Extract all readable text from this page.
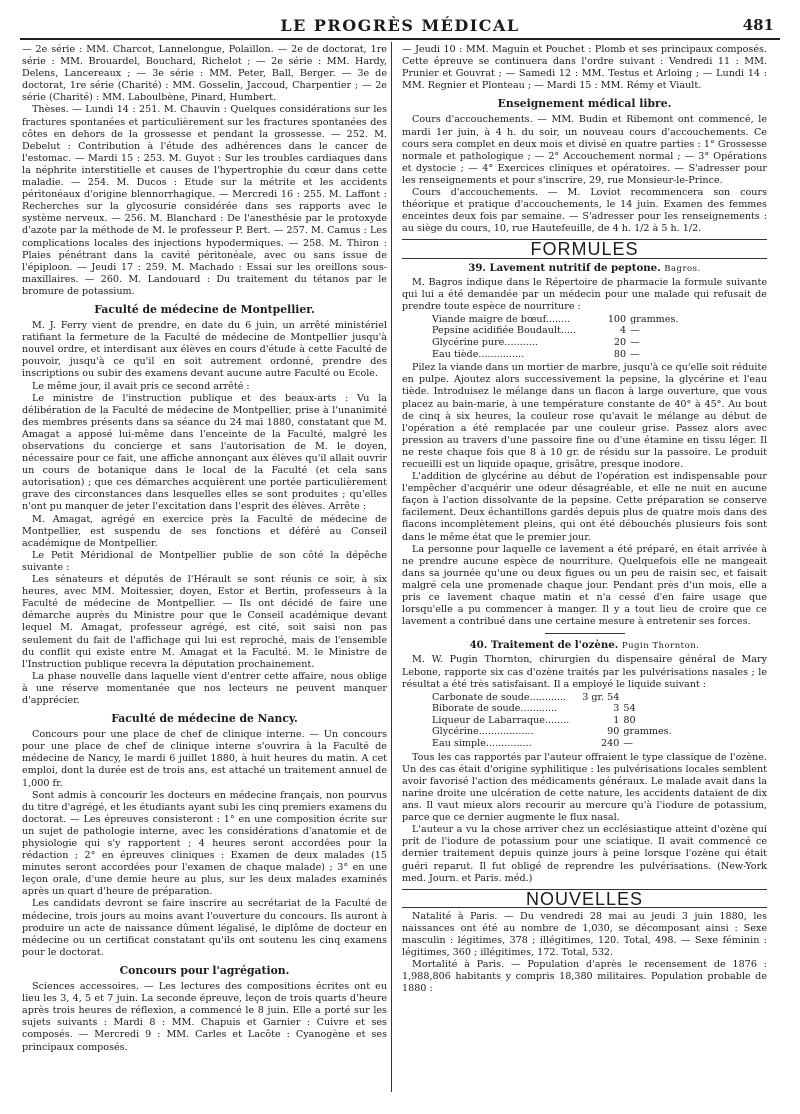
LE PROGRÈS MÉDICAL	481

— 2e série : MM. Charcot, Lannelongue, Polaillon. — 2e de doctorat, 1re série : MM. Brouardel, Bouchard, Richelot ; — 2e série : MM. Hardy, Delens, Lancereaux ; — 3e série : MM. Peter, Ball, Berger. — 3e de doctorat, 1re série (Charité) : MM. Gosselin, Jaccoud, Charpentier ; — 2e série (Charité) : MM. Laboulbène, Pinard, Humbert.

Thèses. — Lundi 14 : 251. M. Chauvin : Quelques considérations sur les fractures spontanées et particulièrement sur les fractures spontanées des côtes en dehors de la grossesse et pendant la grossesse. — 252. M. Debelut : Contribution à l'étude des adhérences dans le cancer de l'estomac. — Mardi 15 : 253. M. Guyot : Sur les troubles cardiaques dans la néphrite interstitielle et causes de l'hypertrophie du cœur dans cette maladie. — 254. M. Ducos : Etude sur la métrite et les accidents péritonéaux d'origine blennorrhagique. — Mercredi 16 : 255. M. Laffont : Recherches sur la glycosurie considérée dans ses rapports avec le système nerveux. — 256. M. Blanchard : De l'anesthésie par le protoxyde d'azote par la méthode de M. le professeur P. Bert. — 257. M. Camus : Les complications locales des injections hypodermiques. — 258. M. Thiron : Plaies pénétrant dans la cavité péritonéale, avec ou sans issue de l'épiploon. — Jeudi 17 : 259. M. Machado : Essai sur les oreillons sous-maxillaires. — 260. M. Landouard : Du traitement du tétanos par le bromure de potassium.

Faculté de médecine de Montpellier.

M. J. Ferry vient de prendre, en date du 6 juin, un arrêté ministériel ratifiant la fermeture de la Faculté de médecine de Montpellier jusqu'à nouvel ordre, et interdisant aux élèves en cours d'étude à cette Faculté de pouvoir, jusqu'à ce qu'il en soit autrement ordonné, prendre des inscriptions ou subir des examens devant aucune autre Faculté ou Ecole.

Le même jour, il avait pris ce second arrêté :

Le ministre de l'instruction publique et des beaux-arts : Vu la délibération de la Faculté de médecine de Montpellier, prise à l'unanimité des membres présents dans sa séance du 24 mai 1880, constatant que M. Amagat a apposé lui-même dans l'enceinte de la Faculté, malgré les observations du concierge et sans l'autorisation de M. le doyen, nécessaire pour ce fait, une affiche annonçant aux élèves qu'il allait ouvrir un cours de botanique dans le local de la Faculté (et cela sans autorisation) ; que ces démarches acquièrent une portée particulièrement grave des circonstances dans lesquelles elles se sont produites ; qu'elles n'ont pu manquer de jeter l'excitation dans l'esprit des élèves. Arrête :

M. Amagat, agrégé en exercice près la Faculté de médecine de Montpellier, est suspendu de ses fonctions et déféré au Conseil académique de Montpellier.

Le Petit Méridional de Montpellier publie de son côté la dépêche suivante :

Les sénateurs et députés de l'Hérault se sont réunis ce soir, à six heures, avec MM. Moitessier, doyen, Estor et Bertin, professeurs à la Faculté de médecine de Montpellier. — Ils ont décidé de faire une démarche auprès du Ministre pour que le Conseil académique devant lequel M. Amagat, professeur agrégé, est cité, soit saisi non pas seulement du fait de l'affichage qui lui est reproché, mais de l'ensemble du conflit qui existe entre M. Amagat et la Faculté. M. le Ministre de l'Instruction publique recevra la députation prochainement.

La phase nouvelle dans laquelle vient d'entrer cette affaire, nous oblige à une réserve momentanée que nos lecteurs ne peuvent manquer d'apprécier.

Faculté de médecine de Nancy.

Concours pour une place de chef de clinique interne. — Un concours pour une place de chef de clinique interne s'ouvrira à la Faculté de médecine de Nancy, le mardi 6 juillet 1880, à huit heures du matin. A cet emploi, dont la durée est de trois ans, est attaché un traitement annuel de 1,000 fr.

Sont admis à concourir les docteurs en médecine français, non pourvus du titre d'agrégé, et les étudiants ayant subi les cinq premiers examens du doctorat. — Les épreuves consisteront : 1° en une composition écrite sur un sujet de pathologie interne, avec les considérations d'anatomie et de physiologie qui s'y rapportent ; 4 heures seront accordées pour la rédaction ; 2° en épreuves cliniques : Examen de deux malades (15 minutes seront accordées pour l'examen de chaque malade) ; 3° en une leçon orale, d'une demie heure au plus, sur les deux malades examinés après un quart d'heure de préparation.

Les candidats devront se faire inscrire au secrétariat de la Faculté de médecine, trois jours au moins avant l'ouverture du concours. Ils auront à produire un acte de naissance dûment légalisé, le diplôme de docteur en médecine ou un certificat constatant qu'ils ont soutenu les cinq examens pour le doctorat.

Concours pour l'agrégation.

Sciences accessoires. — Les lectures des compositions écrites ont eu lieu les 3, 4, 5 et 7 juin. La seconde épreuve, leçon de trois quarts d'heure après trois heures de réflexion, a commencé le 8 juin. Elle a porté sur les sujets suivants : Mardi 8 : MM. Chapuis et Garnier : Cuivre et ses composés. — Mercredi 9 : MM. Carles et Lacôte : Cyanogène et ses principaux composés.

— Jeudi 10 : MM. Maguin et Pouchet : Plomb et ses principaux composés. Cette épreuve se continuera dans l'ordre suivant : Vendredi 11 : MM. Prunier et Gouvrat ; — Samedi 12 : MM. Testus et Arloing ; — Lundi 14 : MM. Regnier et Plonteau ; — Mardi 15 : MM. Rémy et Viault.

Enseignement médical libre.

Cours d'accouchements. — MM. Budin et Ribemont ont commencé, le mardi 1er juin, à 4 h. du soir, un nouveau cours d'accouchements. Ce cours sera complet en deux mois et divisé en quatre parties : 1° Grossesse normale et pathologique ; — 2° Accouchement normal ; — 3° Opérations et dystocie ; — 4° Exercices cliniques et opératoires. — S'adresser pour les renseignements et pour s'inscrire, 29, rue Monsieur-le-Prince.

Cours d'accouchements. — M. Loviot recommencera son cours théorique et pratique d'accouchements, le 14 juin. Examen des femmes enceintes deux fois par semaine. — S'adresser pour les renseignements : au siège du cours, 10, rue Hautefeuille, de 4 h. 1/2 à 5 h. 1/2.

FORMULES
39. Lavement nutritif de peptone. Bagros.

M. Bagros indique dans le Répertoire de pharmacie la formule suivante qui lui a été demandée par un médecin pour une malade qui refusait de prendre toute espèce de nourriture :

Viande maigre de bœuf........	100	grammes.
Pepsine acidifiée Boudault.....	4	—
Glycérine pure...........	20	—
Eau tiède...............	80	—

Pilez la viande dans un mortier de marbre, jusqu'à ce qu'elle soit réduite en pulpe. Ajoutez alors successivement la pepsine, la glycérine et l'eau tiède. Introduisez le mélange dans un flacon à large ouverture, que vous placez au bain-marie, à une température constante de 40° à 45°. Au bout de cinq à six heures, la couleur rose qu'avait le mélange au début de l'opération a été remplacée par une couleur grise. Passez alors avec pression au travers d'une passoire fine ou d'une étamine en tissu léger. Il ne reste chaque fois que 8 à 10 gr. de résidu sur la passoire. Le produit recueilli est un liquide opaque, grisâtre, presque inodore.

L'addition de glycérine au début de l'opération est indispensable pour l'empêcher d'acquérir une odeur désagréable, et elle ne nuit en aucune façon à l'action dissolvante de la pepsine. Cette préparation se conserve facilement. Deux échantillons gardés depuis plus de quatre mois dans des flacons incomplètement pleins, qui ont été débouchés plusieurs fois sont dans le même état que le premier jour.

La personne pour laquelle ce lavement a été préparé, en était arrivée à ne prendre aucune espèce de nourriture. Quelquefois elle ne mangeait dans sa journée qu'une ou deux figues ou un peu de raisin sec, et faisait malgré cela une promenade chaque jour. Pendant près d'un mois, elle a pris ce lavement chaque matin et n'a cessé d'en faire usage que lorsqu'elle a pu commencer à manger. Il y a tout lieu de croire que ce lavement a contribué dans une certaine mesure à entretenir ses forces.

40. Traitement de l'ozène. Pugin Thornton.

M. W. Pugin Thornton, chirurgien du dispensaire général de Mary Lebone, rapporte six cas d'ozène traités par les pulvérisations nasales ; le résultat a été très satisfaisant. Il a employé le liquide suivant :

Carbonate de soude............	3 gr. 54	
Biborate de soude............	3	54
Liqueur de Labarraque........	1	80
Glycérine..................	90	grammes.
Eau simple...............	240	—

Tous les cas rapportés par l'auteur offraient le type classique de l'ozène. Un des cas était d'origine syphilitique : les pulvérisations locales semblent avoir favorisé l'action des médicaments généraux. Le malade avait dans la narine droite une ulcération de cette nature, les accidents dataient de dix ans. Il vaut mieux alors recourir au mercure qu'à l'iodure de potassium, parce que ce dernier augmente le flux nasal.

L'auteur a vu la chose arriver chez un ecclésiastique atteint d'ozène qui prit de l'iodure de potassium pour une sciatique. Il avait commencé ce dernier traitement depuis quinze jours à peine lorsque l'ozène qui était guéri reparut. Il fut obligé de reprendre les pulvérisations. (New-York med. Journ. et Paris. méd.)

NOUVELLES

Natalité à Paris. — Du vendredi 28 mai au jeudi 3 juin 1880, les naissances ont été au nombre de 1,030, se décomposant ainsi : Sexe masculin : légitimes, 378 ; illégitimes, 120. Total, 498. — Sexe féminin : légitimes, 360 ; illégitimes, 172. Total, 532.

Mortalité à Paris. — Population d'après le recensement de 1876 : 1,988,806 habitants y compris 18,380 militaires. Population probable de 1880 :
